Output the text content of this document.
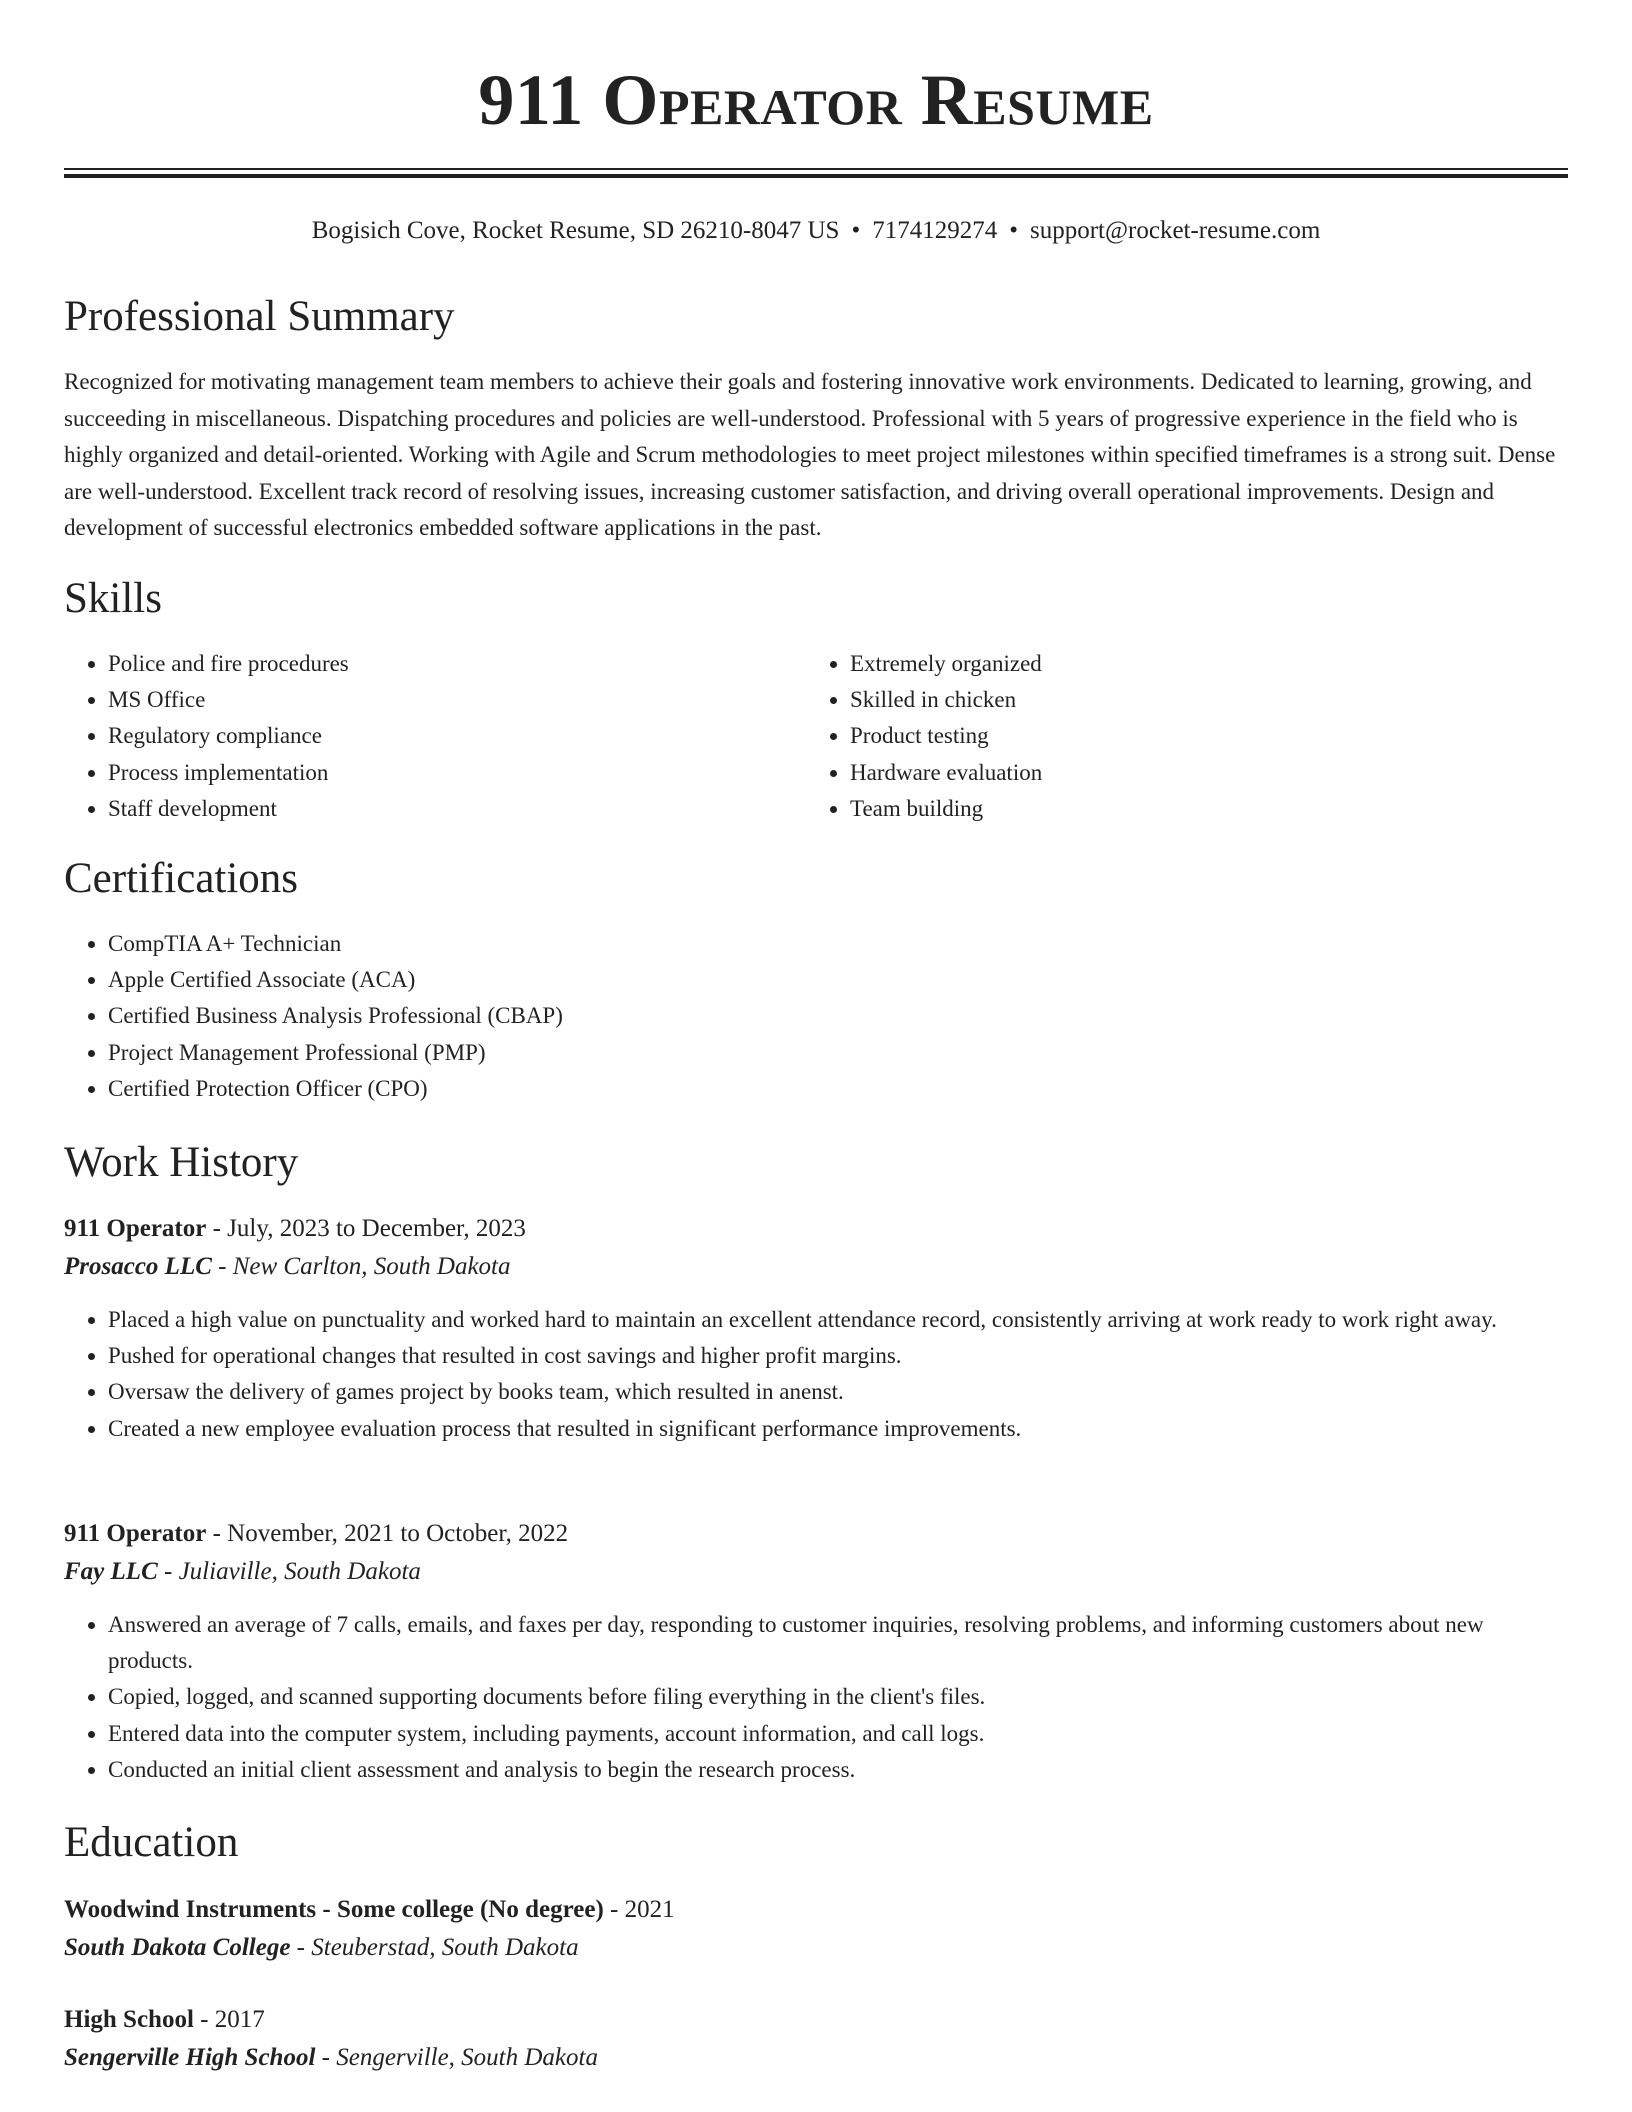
911 Operator Resume
Bogisich Cove, Rocket Resume, SD 26210-8047 US • 7174129274 • support@rocket-resume.com
Professional Summary

Recognized for motivating management team members to achieve their goals and fostering innovative work environments. Dedicated to learning, growing, and succeeding in miscellaneous. Dispatching procedures and policies are well-understood. Professional with 5 years of progressive experience in the field who is highly organized and detail-oriented. Working with Agile and Scrum methodologies to meet project milestones within specified timeframes is a strong suit. Dense are well-understood. Excellent track record of resolving issues, increasing customer satisfaction, and driving overall operational improvements. Design and development of successful electronics embedded software applications in the past.

Skills
• Police and fire procedures
• MS Office
• Regulatory compliance
• Process implementation
• Staff development
• Extremely organized
• Skilled in chicken
• Product testing
• Hardware evaluation
• Team building
Certifications
• CompTIA A+ Technician
• Apple Certified Associate (ACA)
• Certified Business Analysis Professional (CBAP)
• Project Management Professional (PMP)
• Certified Protection Officer (CPO)
Work History
911 Operator - July, 2023 to December, 2023
Prosacco LLC - New Carlton, South Dakota
• Placed a high value on punctuality and worked hard to maintain an excellent attendance record, consistently arriving at work ready to work right away.
• Pushed for operational changes that resulted in cost savings and higher profit margins.
• Oversaw the delivery of games project by books team, which resulted in anenst.
• Created a new employee evaluation process that resulted in significant performance improvements.
911 Operator - November, 2021 to October, 2022
Fay LLC - Juliaville, South Dakota
• Answered an average of 7 calls, emails, and faxes per day, responding to customer inquiries, resolving problems, and informing customers about new products.
• Copied, logged, and scanned supporting documents before filing everything in the client's files.
• Entered data into the computer system, including payments, account information, and call logs.
• Conducted an initial client assessment and analysis to begin the research process.
Education
Woodwind Instruments - Some college (No degree) - 2021
South Dakota College - Steuberstad, South Dakota
High School - 2017
Sengerville High School - Sengerville, South Dakota
